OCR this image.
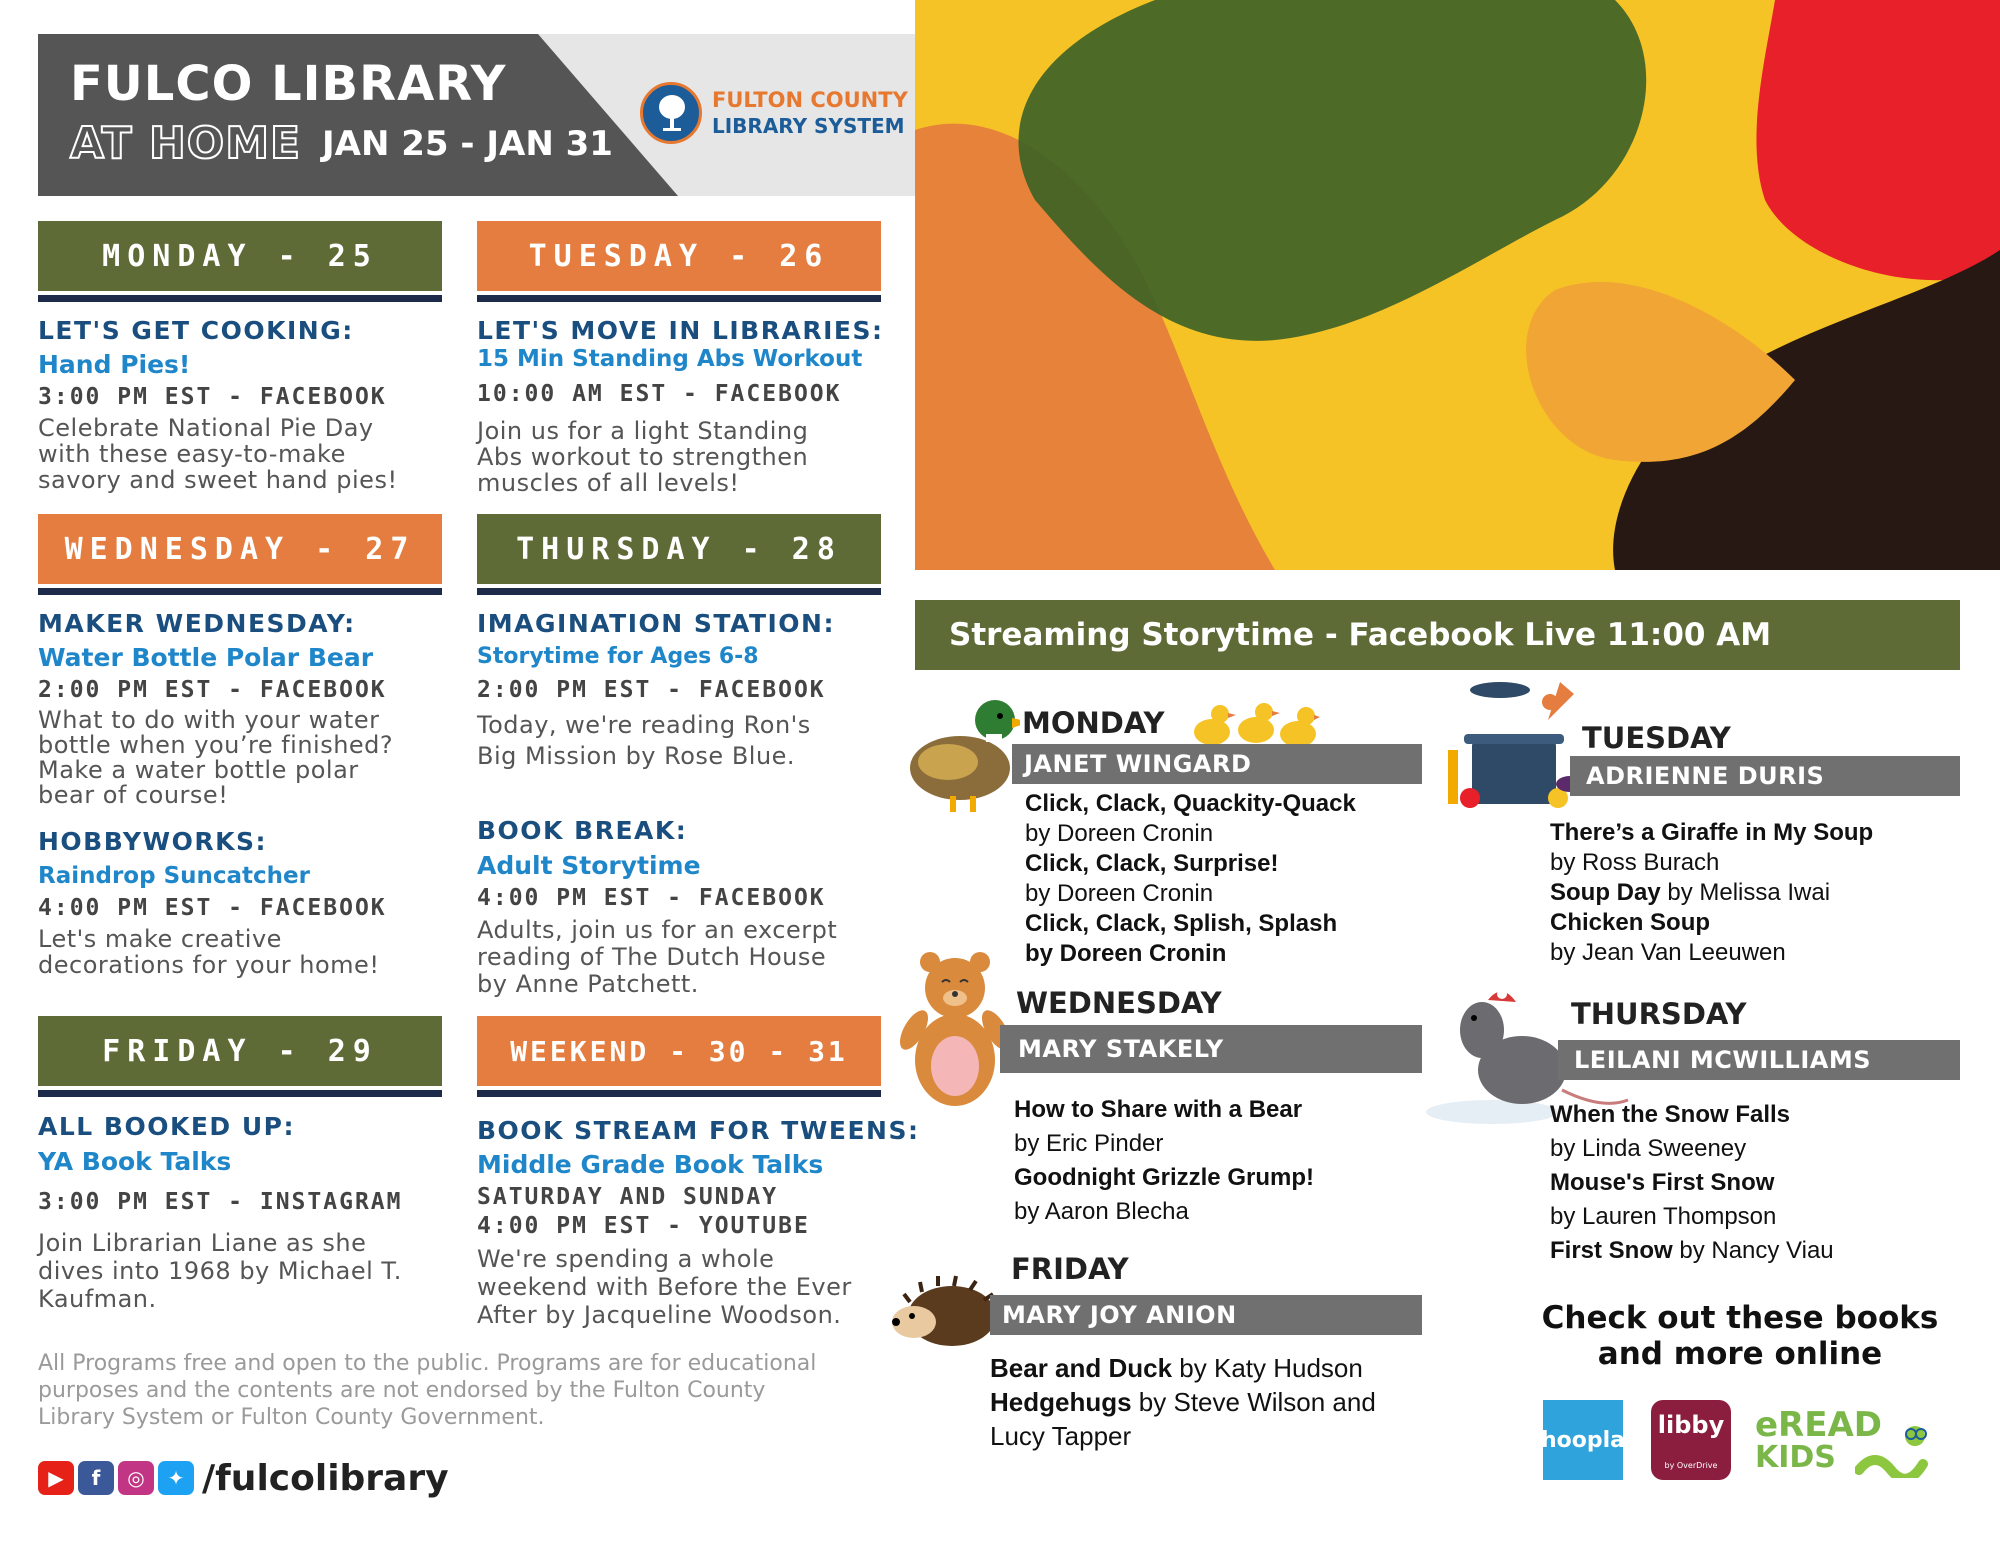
FULCO LIBRARY
AT HOME JAN 25 - JAN 31
FULTON COUNTY
LIBRARY SYSTEM
MONDAY - 25
LET'S GET COOKING:
Hand Pies!
3:00 PM EST - FACEBOOK
Celebrate National Pie Day
with these easy-to-make
savory and sweet hand pies!
TUESDAY - 26
LET'S MOVE IN LIBRARIES:
15 Min Standing Abs Workout
10:00 AM EST - FACEBOOK
Join us for a light Standing
Abs workout to strengthen
muscles of all levels!
WEDNESDAY - 27
MAKER WEDNESDAY:
Water Bottle Polar Bear
2:00 PM EST - FACEBOOK
What to do with your water
bottle when you’re finished?
Make a water bottle polar
bear of course!
HOBBYWORKS:
Raindrop Suncatcher
4:00 PM EST - FACEBOOK
Let's make creative
decorations for your home!
THURSDAY - 28
IMAGINATION STATION:
Storytime for Ages 6-8
2:00 PM EST - FACEBOOK
Today, we're reading Ron's
Big Mission by Rose Blue.
BOOK BREAK:
Adult Storytime
4:00 PM EST - FACEBOOK
Adults, join us for an excerpt
reading of The Dutch House
by Anne Patchett.
FRIDAY - 29
ALL BOOKED UP:
YA Book Talks
3:00 PM EST - INSTAGRAM
Join Librarian Liane as she
dives into 1968 by Michael T.
Kaufman.
WEEKEND - 30 - 31
BOOK STREAM FOR TWEENS:
Middle Grade Book Talks
SATURDAY AND SUNDAY
4:00 PM EST - YOUTUBE
We're spending a whole
weekend with Before the Ever
After by Jacqueline Woodson.
All Programs free and open to the public. Programs are for educational
purposes and the contents are not endorsed by the Fulton County
Library System or Fulton County Government.
▶	f	◎	✦ /fulcolibrary
Streaming Storytime - Facebook Live 11:00 AM
MONDAY
JANET WINGARD
Click, Clack, Quackity-Quack
by Doreen Cronin
Click, Clack, Surprise!
by Doreen Cronin
Click, Clack, Splish, Splash
by Doreen Cronin
TUESDAY
ADRIENNE DURIS
There’s a Giraffe in My Soup
by Ross Burach
Soup Day by Melissa Iwai
Chicken Soup
by Jean Van Leeuwen
WEDNESDAY
MARY STAKELY
How to Share with a Bear
by Eric Pinder
Goodnight Grizzle Grump!
by Aaron Blecha
THURSDAY
LEILANI MCWILLIAMS
When the Snow Falls
by Linda Sweeney
Mouse's First Snow
by Lauren Thompson
First Snow by Nancy Viau
FRIDAY
MARY JOY ANION
Bear and Duck by Katy Hudson
Hedgehugs by Steve Wilson and
Lucy Tapper
Check out these books
and more online
hoopla
libby
by OverDrive
eREAD
KIDS
